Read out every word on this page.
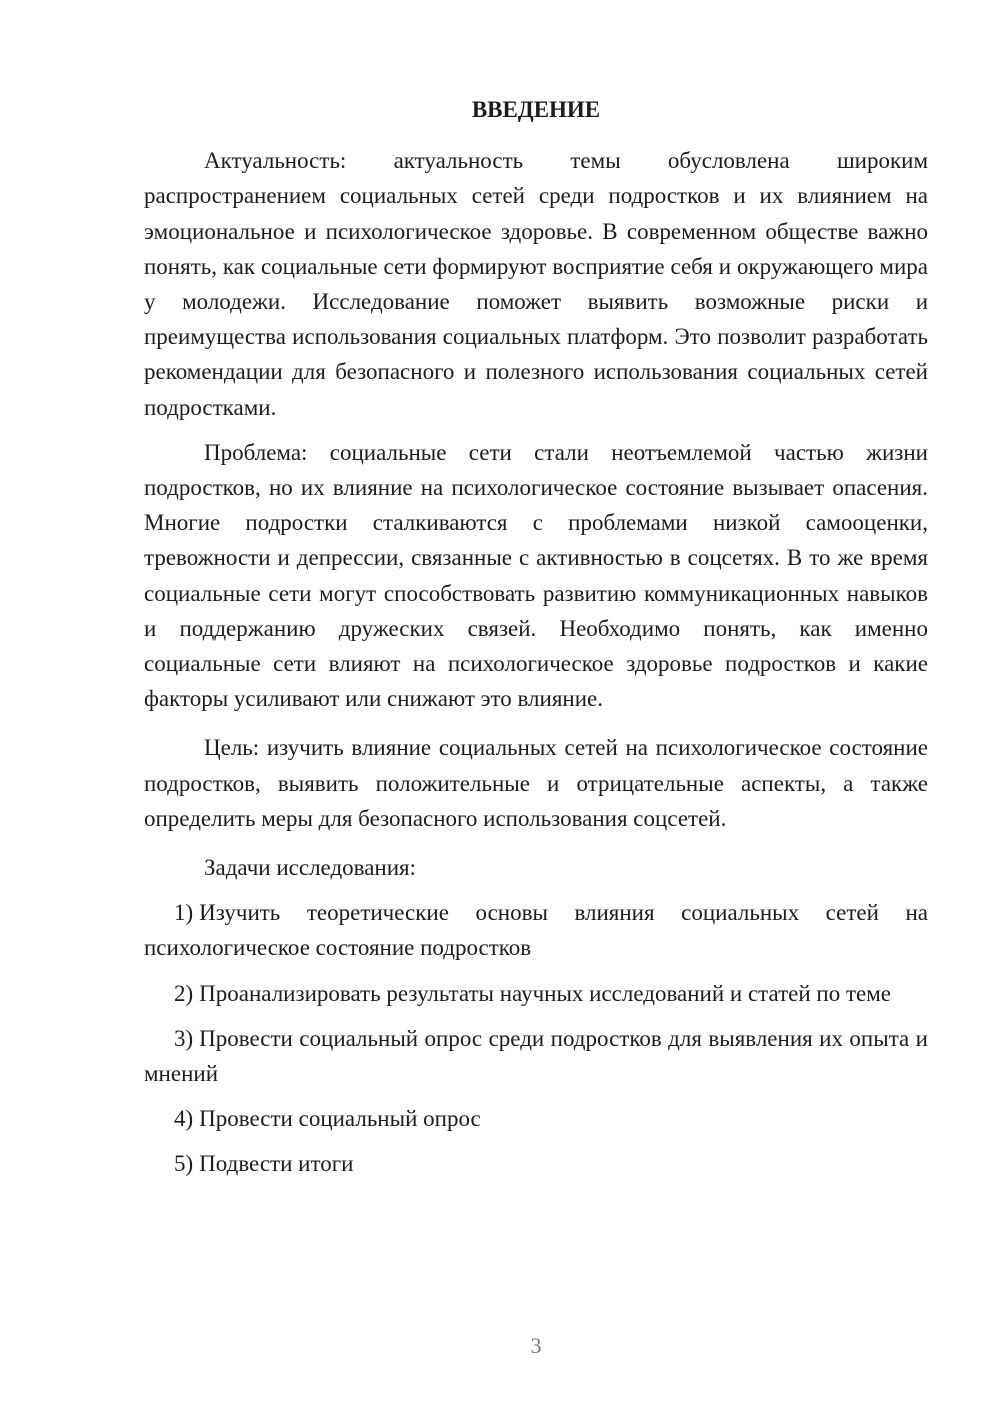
ВВЕДЕНИЕ

Актуальность: актуальность темы обусловлена широким распространением социальных сетей среди подростков и их влиянием на эмоциональное и психологическое здоровье. В современном обществе важно понять, как социальные сети формируют восприятие себя и окружающего мира у молодежи. Исследование поможет выявить возможные риски и преимущества использования социальных платформ. Это позволит разработать рекомендации для безопасного и полезного использования социальных сетей подростками.

Проблема: социальные сети стали неотъемлемой частью жизни подростков, но их влияние на психологическое состояние вызывает опасения. Многие подростки сталкиваются с проблемами низкой самооценки, тревожности и депрессии, связанные с активностью в соцсетях. В то же время социальные сети могут способствовать развитию коммуникационных навыков и поддержанию дружеских связей. Необходимо понять, как именно социальные сети влияют на психологическое здоровье подростков и какие факторы усиливают или снижают это влияние.

Цель: изучить влияние социальных сетей на психологическое состояние подростков, выявить положительные и отрицательные аспекты, а также определить меры для безопасного использования соцсетей.

Задачи исследования:

1) Изучить теоретические основы влияния социальных сетей на психологическое состояние подростков

2) Проанализировать результаты научных исследований и статей по теме

3) Провести социальный опрос среди подростков для выявления их опыта и мнений

4) Провести социальный опрос

5) Подвести итоги

3
